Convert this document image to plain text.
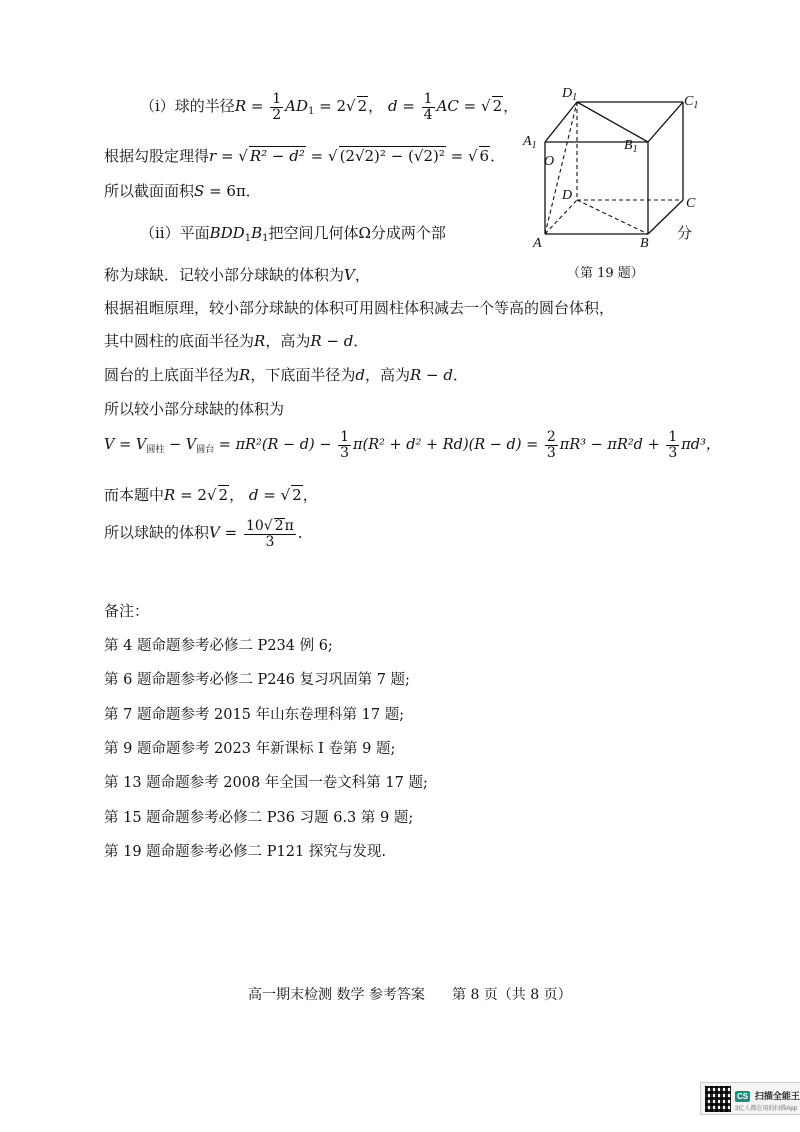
（i）球的半径$R = \frac{1}{2} AD_1 = 2√$ 2， $d = \frac{1}{4}$ AC = √ 2，
根据勾股定理得r = √ R² − d² = √ (2√2)² − (√2)² = √ 6．
所以截面面积S = 6π．
（ii）平面$BDD_1B_1$把空间几何体Ω分成两个部	分
称为球缺．记较小部分球缺的体积为V，
根据祖暅原理，较小部分球缺的体积可用圆柱体积减去一个等高的圆台体积，
其中圆柱的底面半径为R，高为R − d．
圆台的上底面半径为R，下底面半径为d，高为R − d．
所以较小部分球缺的体积为
$V = V_{圆柱} - V_{圆台} = \pi R^2(R - d) - \frac{1}{3} \pi(R^2 + d^2 + Rd)(R - d) = \frac{2}{3} \pi R^3 - \pi R^2d + \frac{1}{3} \pi d^3$，
而本题中R = 2√ 2， d = √ 2，
所以球缺的体积$V = \frac{10√ 2\pi}{3}$ ．
$D_1$	$C_1$
$A_1$	$B_1$
O
D
C
A	B
（第 19 题）
备注：
第 4 题命题参考必修二 P234 例 6;
第 6 题命题参考必修二 P246 复习巩固第 7 题;
第 7 题命题参考 2015 年山东卷理科第 17 题;
第 9 题命题参考 2023 年新课标 I 卷第 9 题;
第 13 题命题参考 2008 年全国一卷文科第 17 题;
第 15 题命题参考必修二 P36 习题 6.3 第 9 题;
第 19 题命题参考必修二 P121 探究与发现.
高一期末检测 数学 参考答案 第 8 页（共 8 页）
CS 扫描全能王
3亿人都在用的扫描App
